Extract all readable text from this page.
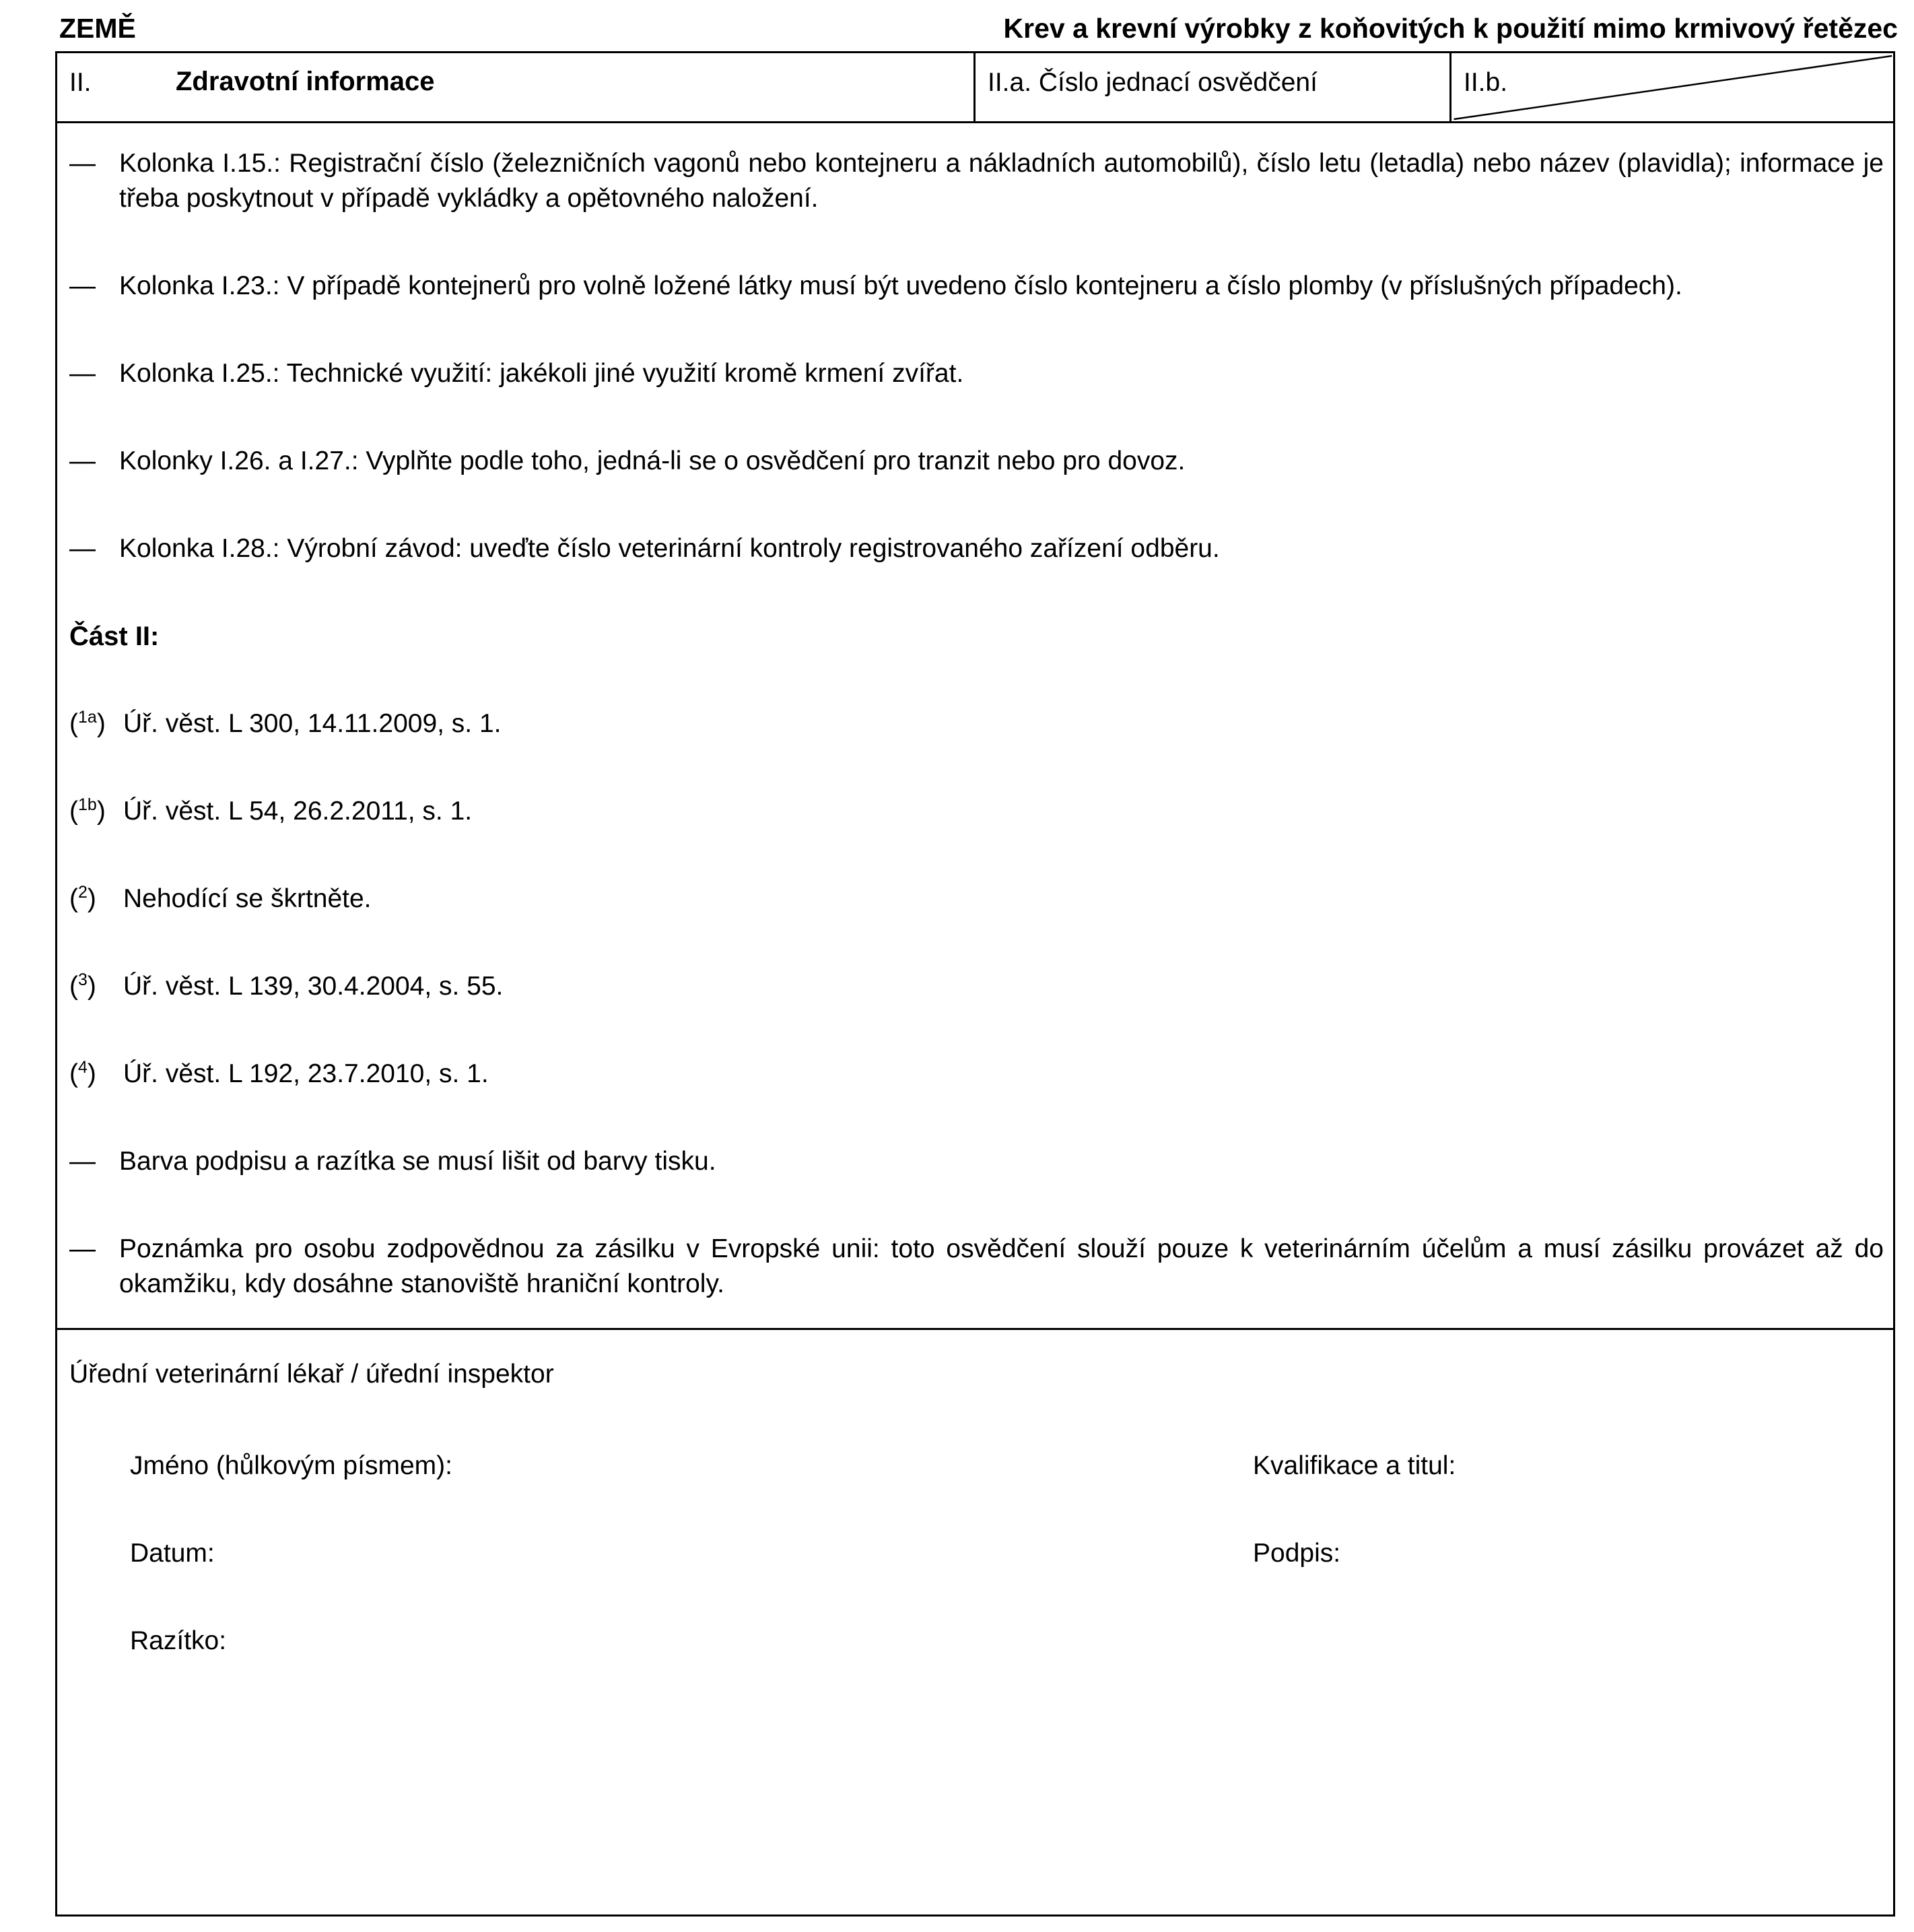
ZEMĚ	Krev a krevní výrobky z koňovitých k použití mimo krmivový řetězec
II.	Zdravotní informace	II.a. Číslo jednací osvědčení	II.b.
— Kolonka I.15.: Registrační číslo (železničních vagonů nebo kontejneru a nákladních automobilů), číslo letu (letadla) nebo název (plavidla); informace je třeba poskytnout v případě vykládky a opětovného naložení.
— Kolonka I.23.: V případě kontejnerů pro volně ložené látky musí být uvedeno číslo kontejneru a číslo plomby (v příslušných případech).
— Kolonka I.25.: Technické využití: jakékoli jiné využití kromě krmení zvířat.
— Kolonky I.26. a I.27.: Vyplňte podle toho, jedná-li se o osvědčení pro tranzit nebo pro dovoz.
— Kolonka I.28.: Výrobní závod: uveďte číslo veterinární kontroly registrovaného zařízení odběru.
Část II:
($^{1a}$) Úř. věst. L 300, 14.11.2009, s. 1.
($^{1b}$) Úř. věst. L 54, 26.2.2011, s. 1.
($^2$)	Nehodící se škrtněte.
($^3$)	Úř. věst. L 139, 30.4.2004, s. 55.
($^4$)	Úř. věst. L 192, 23.7.2010, s. 1.
— Barva podpisu a razítka se musí lišit od barvy tisku.
— Poznámka pro osobu zodpovědnou za zásilku v Evropské unii: toto osvědčení slouží pouze k veterinárním účelům a musí zásilku provázet až do okamžiku, kdy dosáhne stanoviště hraniční kontroly.
Úřední veterinární lékař / úřední inspektor
Jméno (hůlkovým písmem):	Kvalifikace a titul:
Datum:	Podpis:
Razítko:
